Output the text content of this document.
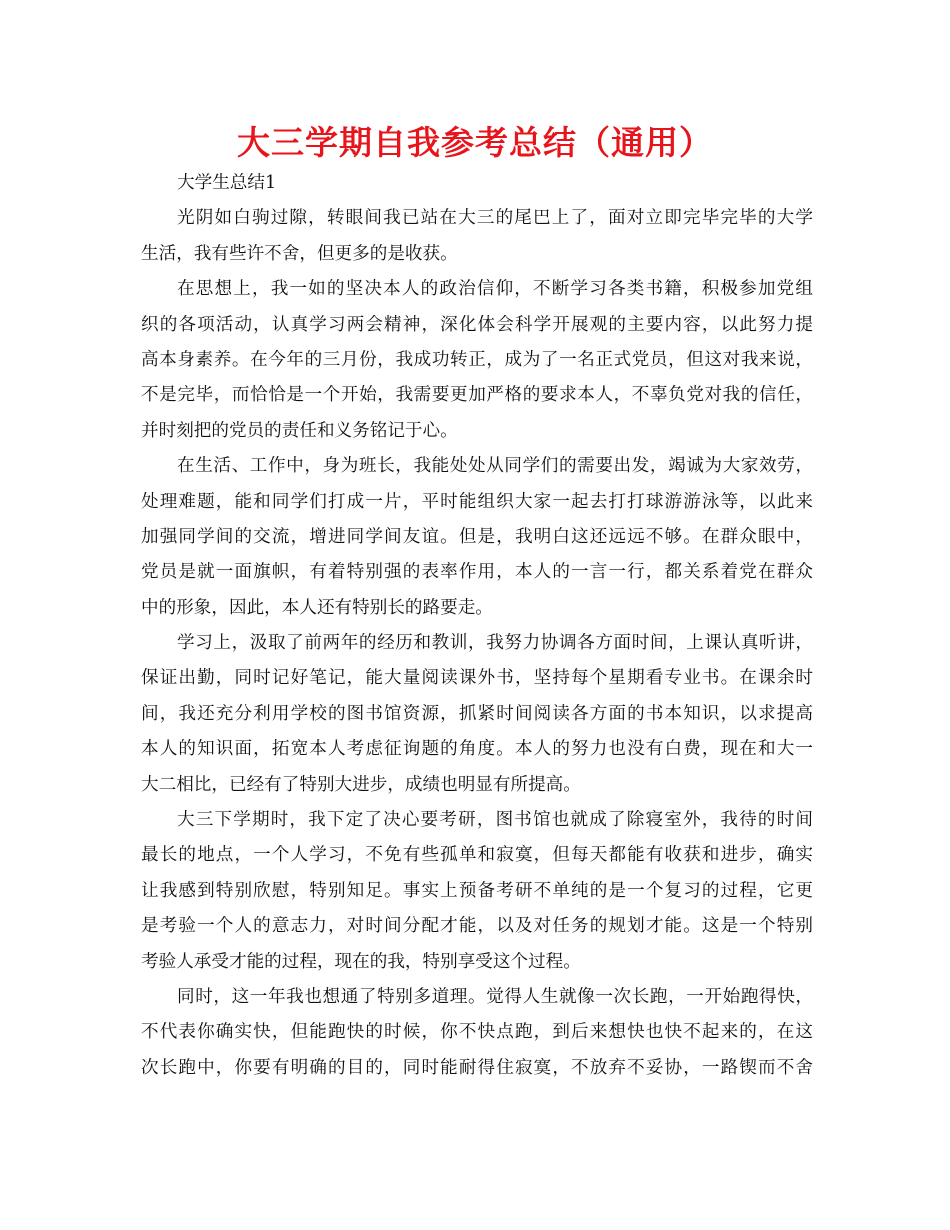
大三学期自我参考总结（通用）
大学生总结1
光阴如白驹过隙，转眼间我已站在大三的尾巴上了，面对立即完毕完毕的大学
生活，我有些许不舍，但更多的是收获。
在思想上，我一如的坚决本人的政治信仰，不断学习各类书籍，积极参加党组
织的各项活动，认真学习两会精神，深化体会科学开展观的主要内容，以此努力提
高本身素养。在今年的三月份，我成功转正，成为了一名正式党员，但这对我来说，
不是完毕，而恰恰是一个开始，我需要更加严格的要求本人，不辜负党对我的信任，
并时刻把的党员的责任和义务铭记于心。
在生活、工作中，身为班长，我能处处从同学们的需要出发，竭诚为大家效劳，
处理难题，能和同学们打成一片，平时能组织大家一起去打打球游游泳等，以此来
加强同学间的交流，增进同学间友谊。但是，我明白这还远远不够。在群众眼中，
党员是就一面旗帜，有着特别强的表率作用，本人的一言一行，都关系着党在群众
中的形象，因此，本人还有特别长的路要走。
学习上，汲取了前两年的经历和教训，我努力协调各方面时间，上课认真听讲，
保证出勤，同时记好笔记，能大量阅读课外书，坚持每个星期看专业书。在课余时
间，我还充分利用学校的图书馆资源，抓紧时间阅读各方面的书本知识，以求提高
本人的知识面，拓宽本人考虑征询题的角度。本人的努力也没有白费，现在和大一
大二相比，已经有了特别大进步，成绩也明显有所提高。
大三下学期时，我下定了决心要考研，图书馆也就成了除寝室外，我待的时间
最长的地点，一个人学习，不免有些孤单和寂寞，但每天都能有收获和进步，确实
让我感到特别欣慰，特别知足。事实上预备考研不单纯的是一个复习的过程，它更
是考验一个人的意志力，对时间分配才能，以及对任务的规划才能。这是一个特别
考验人承受才能的过程，现在的我，特别享受这个过程。
同时，这一年我也想通了特别多道理。觉得人生就像一次长跑，一开始跑得快，
不代表你确实快，但能跑快的时候，你不快点跑，到后来想快也快不起来的，在这
次长跑中，你要有明确的目的，同时能耐得住寂寞，不放弃不妥协，一路锲而不舍
